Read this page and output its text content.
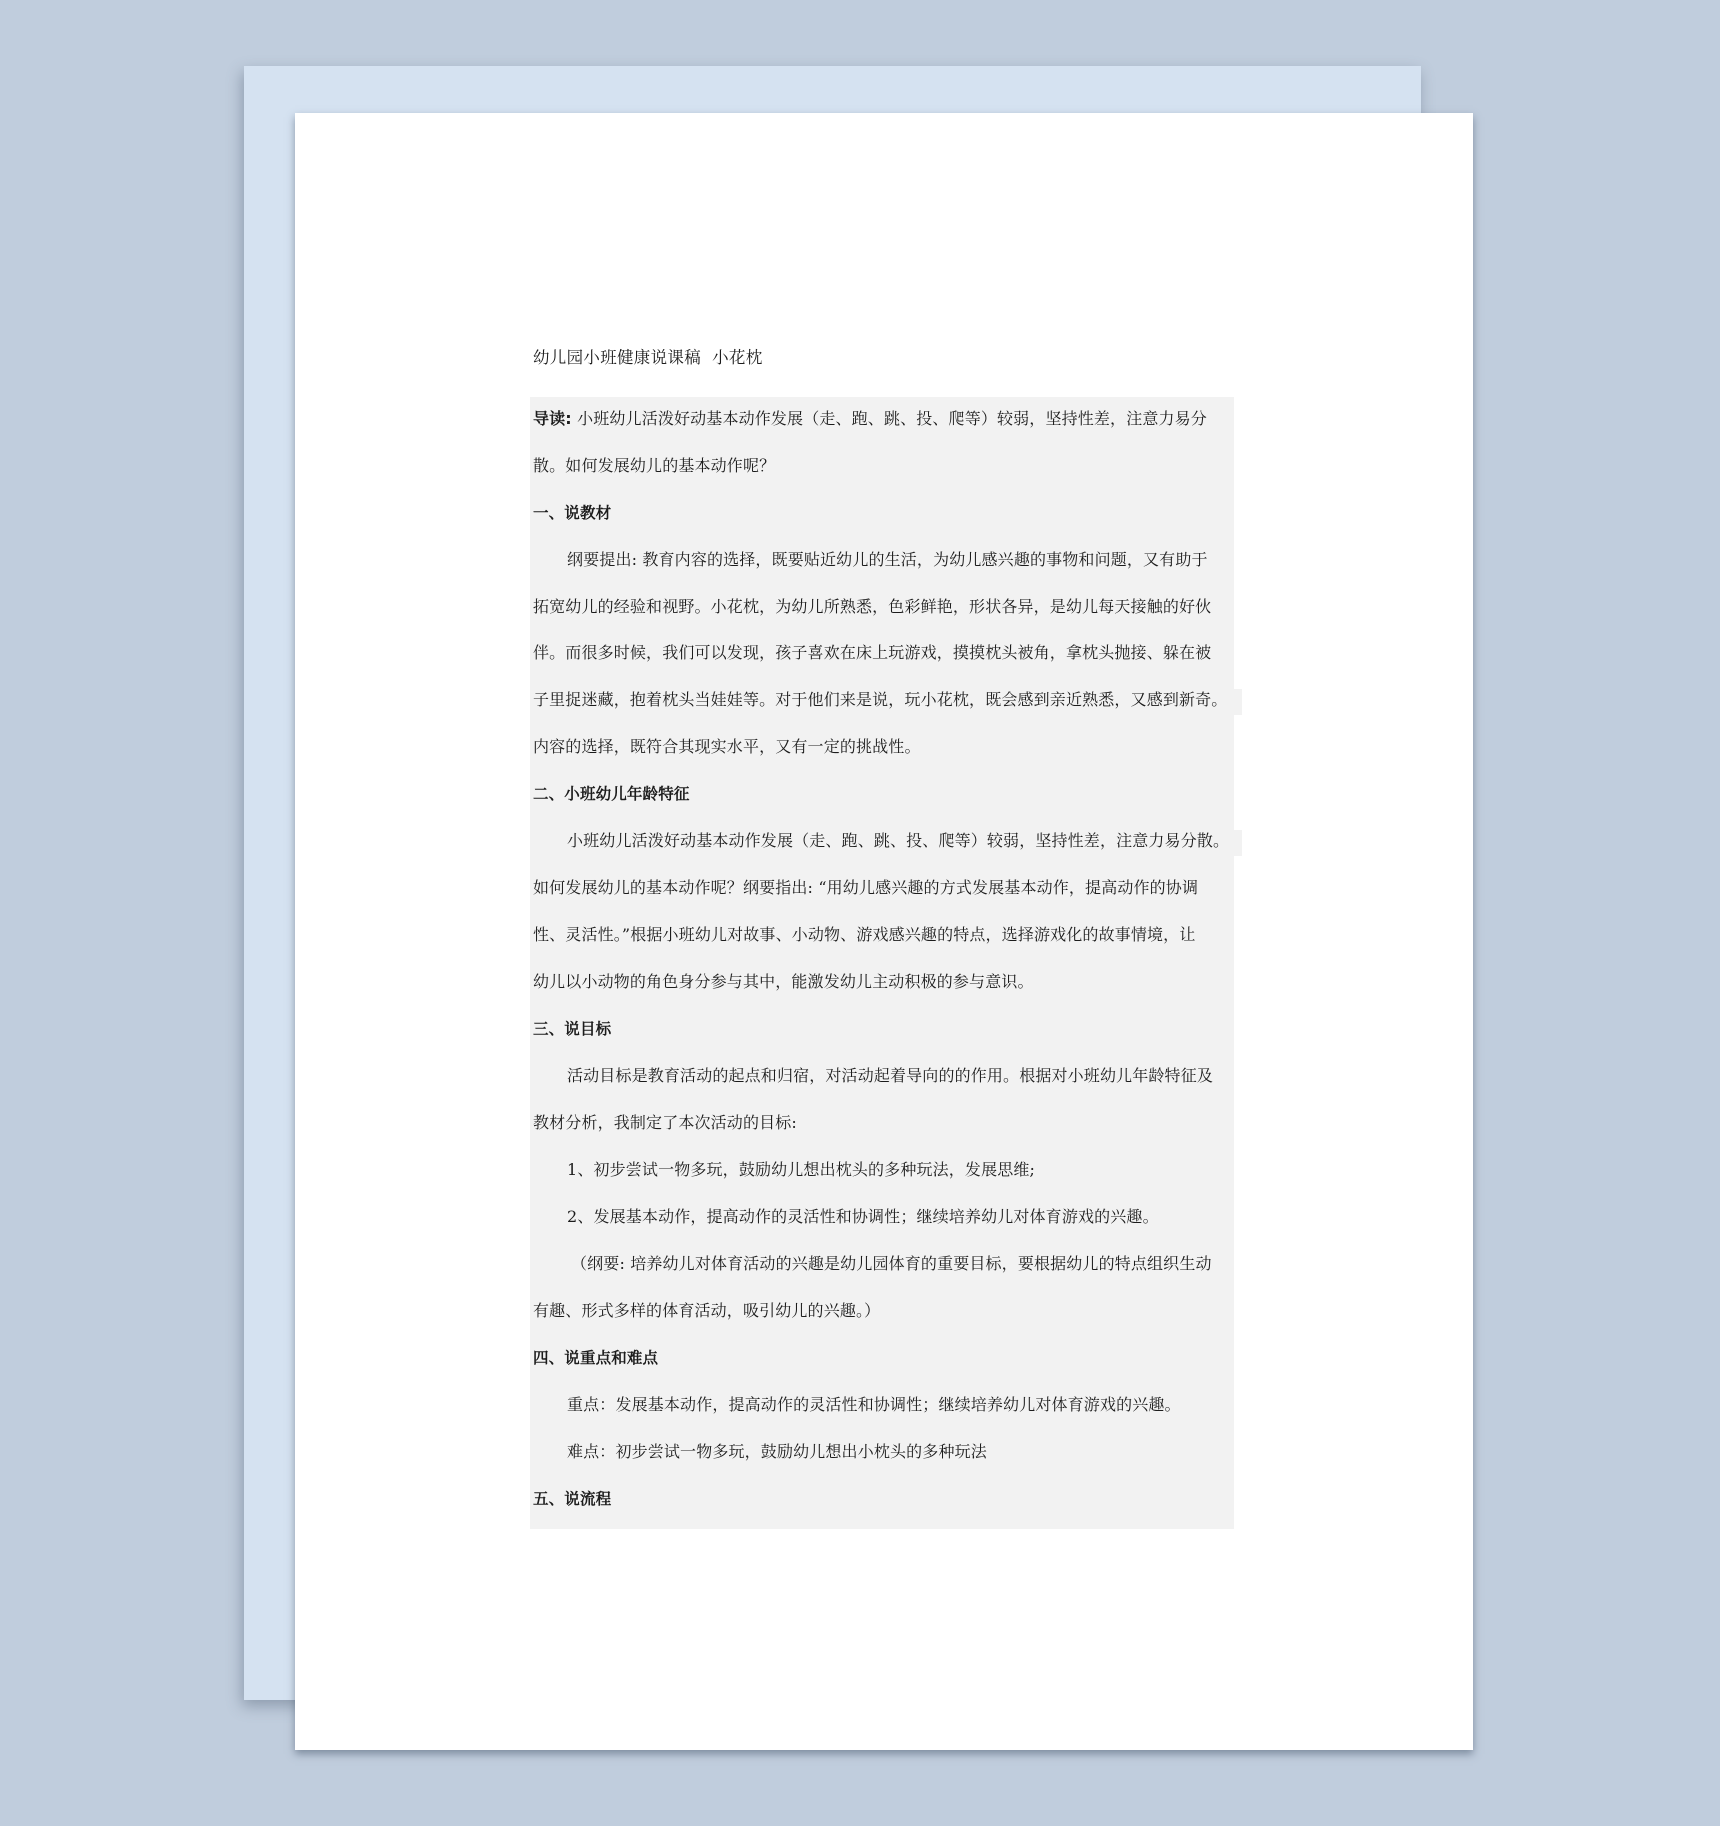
幼儿园小班健康说课稿  小花枕
导读: 小班幼儿活泼好动基本动作发展（走、跑、跳、投、爬等）较弱，坚持性差，注意力易分
散。如何发展幼儿的基本动作呢？
一、说教材
纲要提出: 教育内容的选择，既要贴近幼儿的生活，为幼儿感兴趣的事物和问题，又有助于
拓宽幼儿的经验和视野。小花枕，为幼儿所熟悉，色彩鲜艳，形状各异，是幼儿每天接触的好伙
伴。而很多时候，我们可以发现，孩子喜欢在床上玩游戏，摸摸枕头被角，拿枕头抛接、躲在被
子里捉迷藏，抱着枕头当娃娃等。对于他们来是说，玩小花枕，既会感到亲近熟悉，又感到新奇。
内容的选择，既符合其现实水平，又有一定的挑战性。
二、小班幼儿年龄特征
小班幼儿活泼好动基本动作发展（走、跑、跳、投、爬等）较弱，坚持性差，注意力易分散。
如何发展幼儿的基本动作呢？纲要指出: “用幼儿感兴趣的方式发展基本动作，提高动作的协调
性、灵活性。”根据小班幼儿对故事、小动物、游戏感兴趣的特点，选择游戏化的故事情境，让
幼儿以小动物的角色身分参与其中，能激发幼儿主动积极的参与意识。
三、说目标
活动目标是教育活动的起点和归宿，对活动起着导向的的作用。根据对小班幼儿年龄特征及
教材分析，我制定了本次活动的目标:
1、初步尝试一物多玩，鼓励幼儿想出枕头的多种玩法，发展思维;
2、发展基本动作，提高动作的灵活性和协调性；继续培养幼儿对体育游戏的兴趣。
（纲要: 培养幼儿对体育活动的兴趣是幼儿园体育的重要目标，要根据幼儿的特点组织生动
有趣、形式多样的体育活动，吸引幼儿的兴趣。）
四、说重点和难点
重点：发展基本动作，提高动作的灵活性和协调性；继续培养幼儿对体育游戏的兴趣。
难点：初步尝试一物多玩，鼓励幼儿想出小枕头的多种玩法
五、说流程
